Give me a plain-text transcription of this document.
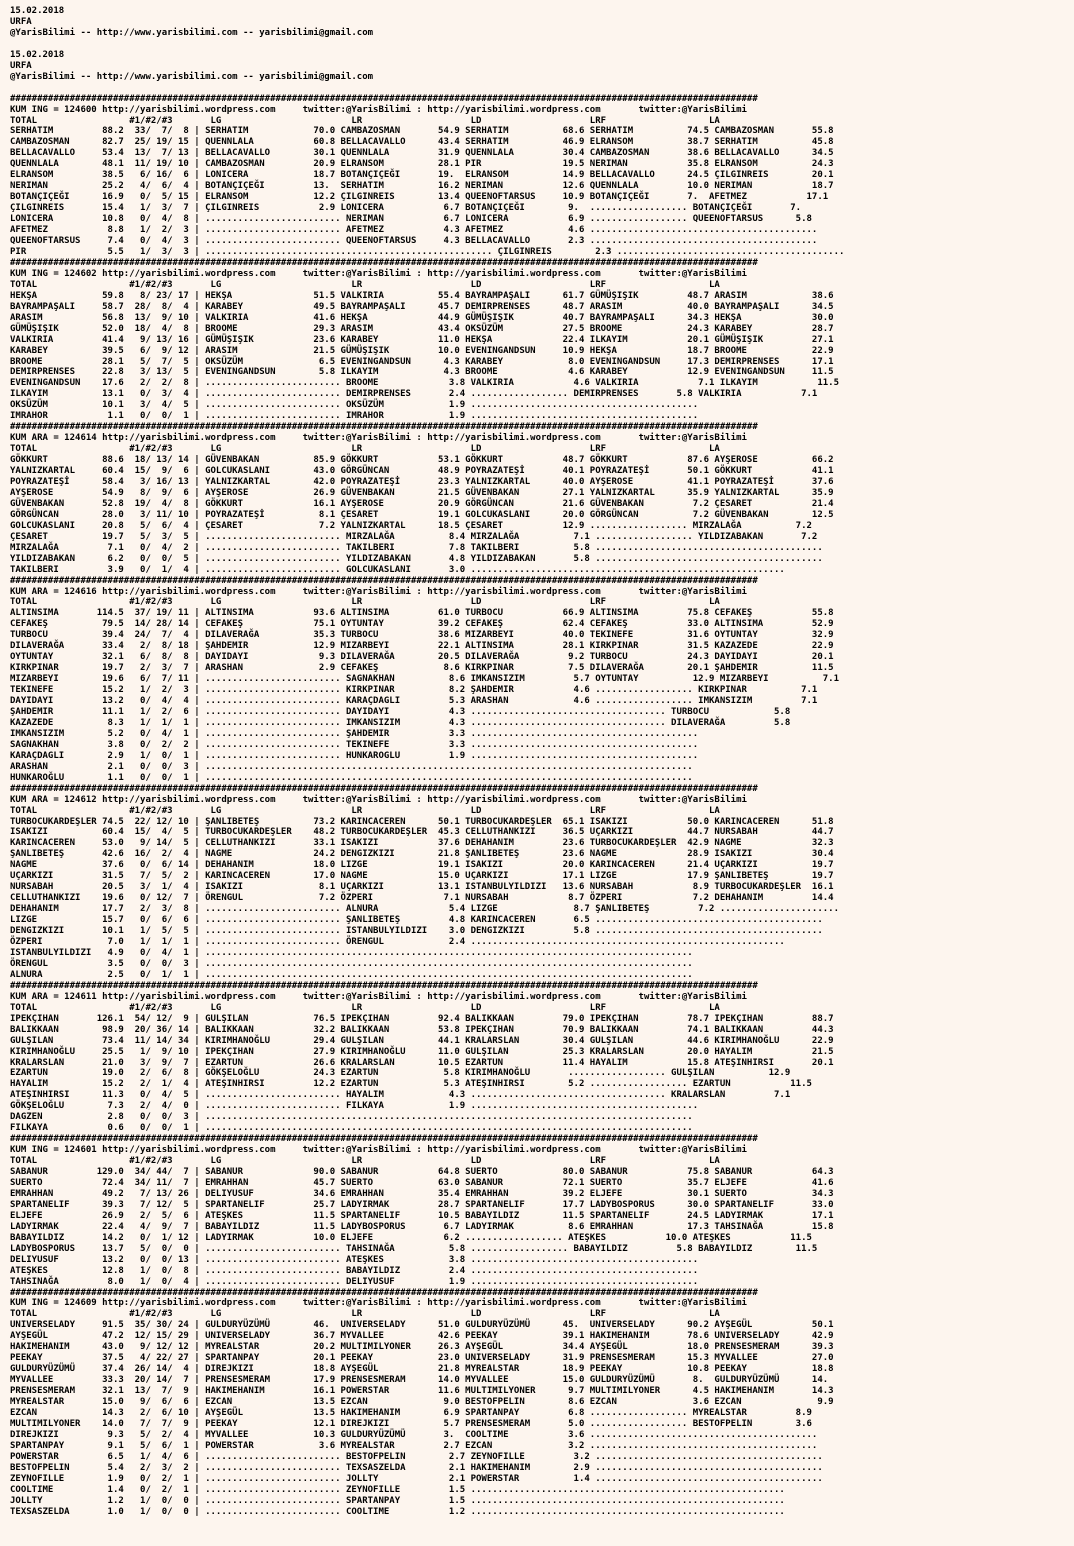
15.02.2018
URFA
@YarisBilimi -- http://www.yarisbilimi.com -- yarisbilimi@gmail.com

15.02.2018
URFA
@YarisBilimi -- http://www.yarisbilimi.com -- yarisbilimi@gmail.com

##########################################################################################################################################
KUM ING = 124600 http://yarisbilimi.wordpress.com     twitter:@YarisBilimi : http://yarisbilimi.wordpress.com       twitter:@YarisBilimi
TOTAL                 #1/#2/#3       LG                        LR                    LD                    LRF                   LA
SERHATIM         88.2  33/  7/  8 | SERHATIM            70.0 CAMBAZOSMAN       54.9 SERHATIM          68.6 SERHATIM          74.5 CAMBAZOSMAN       55.8
CAMBAZOSMAN      82.7  25/ 19/ 15 | QUENNLALA           60.8 BELLACAVALLO      43.4 SERHATIM          46.9 ELRANSOM          38.7 SERHATIM          45.8
BELLACAVALLO     53.4  13/  7/ 13 | BELLACAVALLO        30.1 QUENNLALA         31.9 QUENNLALA         30.4 CAMBAZOSMAN       38.6 BELLACAVALLO      34.5
QUENNLALA        48.1  11/ 19/ 10 | CAMBAZOSMAN         20.9 ELRANSOM          28.1 PIR               19.5 NERIMAN           35.8 ELRANSOM          24.3
ELRANSOM         38.5   6/ 16/  6 | LONICERA            18.7 BOTANÇIÇEĞI       19.  ELRANSOM          14.9 BELLACAVALLO      24.5 ÇILGINREIS        20.1
NERIMAN          25.2   4/  6/  4 | BOTANÇIÇEĞI         13.  SERHATIM          16.2 NERIMAN           12.6 QUENNLALA         10.0 NERIMAN           18.7
BOTANÇIÇEĞI      16.9   0/  5/ 15 | ELRANSOM            12.2 ÇILGINREIS        13.4 QUEENOFTARSUS     10.9 BOTANÇIÇEĞI       7.  AFETMEZ           17.1
ÇILGINREIS       15.4   1/  3/  7 | ÇILGINREIS           2.9 LONICERA           6.7 BOTANÇIÇEĞI        9.  .................. BOTANÇIÇEĞI       7.
LONICERA         10.8   0/  4/  8 | ......................... NERIMAN           6.7 LONICERA           6.9 .................. QUEENOFTARSUS      5.8
AFETMEZ           8.8   1/  2/  3 | ......................... AFETMEZ           4.3 AFETMEZ            4.6 ..........................................
QUEENOFTARSUS     7.4   0/  4/  3 | ......................... QUEENOFTARSUS     4.3 BELLACAVALLO       2.3 ..........................................
PIR               5.5   1/  3/  3 | ..................................................... ÇILGINREIS        2.3 ..........................................
##########################################################################################################################################
KUM ING = 124602 http://yarisbilimi.wordpress.com     twitter:@YarisBilimi : http://yarisbilimi.wordpress.com       twitter:@YarisBilimi
TOTAL                 #1/#2/#3       LG                        LR                    LD                    LRF                   LA
HEKŞA            59.8   8/ 23/ 17 | HEKŞA               51.5 VALKIRIA          55.4 BAYRAMPAŞALI      61.7 GÜMÜŞIŞIK         48.7 ARASIM            38.6
BAYRAMPAŞALI     58.7  28/  8/  4 | KARABEY             49.5 BAYRAMPAŞALI      45.7 DEMIRPRENSES      48.7 ARASIM            40.0 BAYRAMPAŞALI      34.5
ARASIM           56.8  13/  9/ 10 | VALKIRIA            41.6 HEKŞA             44.9 GÜMÜŞIŞIK         40.7 BAYRAMPAŞALI      34.3 HEKŞA             30.0
GÜMÜŞIŞIK        52.0  18/  4/  8 | BROOME              29.3 ARASIM            43.4 OKSÜZÜM           27.5 BROOME            24.3 KARABEY           28.7
VALKIRIA         41.4   9/ 13/ 16 | GÜMÜŞIŞIK           23.6 KARABEY           11.0 HEKŞA             22.4 ILKAYIM           20.1 GÜMÜŞIŞIK         27.1
KARABEY          39.5   6/  9/ 12 | ARASIM              21.5 GÜMÜŞIŞIK         10.0 EVENINGANDSUN     10.9 HEKŞA             18.7 BROOME            22.9
BROOME           28.1   5/  7/  5 | OKSÜZÜM              6.5 EVENINGANDSUN      4.3 KARABEY            8.0 EVENINGANDSUN     17.3 DEMIRPRENSES      17.1
DEMIRPRENSES     22.8   3/ 13/  5 | EVENINGANDSUN        5.8 ILKAYIM            4.3 BROOME             4.6 KARABEY           12.9 EVENINGANDSUN     11.5
EVENINGANDSUN    17.6   2/  2/  8 | ......................... BROOME             3.8 VALKIRIA           4.6 VALKIRIA           7.1 ILKAYIM           11.5
ILKAYIM          13.1   0/  3/  4 | ......................... DEMIRPRENSES       2.4 .................. DEMIRPRENSES       5.8 VALKIRIA           7.1
OKSÜZÜM          10.1   3/  4/  5 | ......................... OKSÜZÜM            1.9 ..........................................
IMRAHOR           1.1   0/  0/  1 | ......................... IMRAHOR            1.9 ..........................................
##########################################################################################################################################
KUM ARA = 124614 http://yarisbilimi.wordpress.com     twitter:@YarisBilimi : http://yarisbilimi.wordpress.com       twitter:@YarisBilimi
TOTAL                 #1/#2/#3       LG                        LR                    LD                    LRF                   LA
GÖKKURT          88.6  18/ 13/ 14 | GÜVENBAKAN          85.9 GÖKKURT           53.1 GÖKKURT           48.7 GÖKKURT           87.6 AYŞEROSE          66.2
YALNIZKARTAL     60.4  15/  9/  6 | GOLCUKASLANI        43.0 GÖRGÜNCAN         48.9 POYRAZATEŞİ       40.1 POYRAZATEŞİ       50.1 GÖKKURT           41.1
POYRAZATEŞİ      58.4   3/ 16/ 13 | YALNIZKARTAL        42.0 POYRAZATEŞİ       23.3 YALNIZKARTAL      40.0 AYŞEROSE          41.1 POYRAZATEŞİ       37.6
AYŞEROSE         54.9   8/  9/  6 | AYŞEROSE            26.9 GÜVENBAKAN        21.5 GÜVENBAKAN        27.1 YALNIZKARTAL      35.9 YALNIZKARTAL      35.9
GÜVENBAKAN       52.8  19/  4/  8 | GÖKKURT             16.1 AYŞEROSE          20.9 GÖRGÜNCAN         21.6 GÜVENBAKAN         7.2 ÇESARET           21.4
GÖRGÜNCAN        28.0   3/ 11/ 10 | POYRAZATEŞİ          8.1 ÇESARET           19.1 GOLCUKASLANI      20.0 GÖRGÜNCAN          7.2 GÜVENBAKAN        12.5
GOLCUKASLANI     20.8   5/  6/  4 | ÇESARET              7.2 YALNIZKARTAL      18.5 ÇESARET           12.9 .................. MIRZALAĞA          7.2
ÇESARET          19.7   5/  3/  5 | ......................... MIRZALAĞA          8.4 MIRZALAĞA          7.1 .................. YILDIZABAKAN       7.2
MIRZALAĞA         7.1   0/  4/  2 | ......................... TAKILBERI          7.8 TAKILBERI          5.8 ..........................................
YILDIZABAKAN      6.2   0/  0/  5 | ......................... YILDIZABAKAN       4.8 YILDIZABAKAN       5.8 ..........................................
TAKILBERI         3.9   0/  1/  4 | ......................... GOLCUKASLANI       3.0 ..........................................................
##########################################################################################################################################
KUM ARA = 124616 http://yarisbilimi.wordpress.com     twitter:@YarisBilimi : http://yarisbilimi.wordpress.com       twitter:@YarisBilimi
TOTAL                 #1/#2/#3       LG                        LR                    LD                    LRF                   LA
ALTINSIMA       114.5  37/ 19/ 11 | ALTINSIMA           93.6 ALTINSIMA         61.0 TURBOCU           66.9 ALTINSIMA         75.8 CEFAKEŞ           55.8
CEFAKEŞ          79.5  14/ 28/ 14 | CEFAKEŞ             75.1 OYTUNTAY          39.2 CEFAKEŞ           62.4 CEFAKEŞ           33.0 ALTINSIMA         52.9
TURBOCU          39.4  24/  7/  4 | DILAVERAĞA          35.3 TURBOCU           38.6 MIZARBEYI         40.0 TEKINEFE          31.6 OYTUNTAY          32.9
DILAVERAĞA       33.4   2/  8/ 18 | ŞAHDEMIR            12.9 MIZARBEYI         22.1 ALTINSIMA         28.1 KIRKPINAR         31.5 KAZAZEDE          22.9
OYTUNTAY         32.1   6/  8/  8 | DAYIDAYI             9.3 DILAVERAĞA        20.5 DILAVERAĞA         9.2 TURBOCU           24.3 DAYIDAYI          20.1
KIRKPINAR        19.7   2/  3/  7 | ARASHAN              2.9 CEFAKEŞ            8.6 KIRKPINAR          7.5 DILAVERAĞA        20.1 ŞAHDEMIR          11.5
MIZARBEYI        19.6   6/  7/ 11 | ......................... SAGNAKHAN          8.6 IMKANSIZIM         5.7 OYTUNTAY          12.9 MIZARBEYI          7.1
TEKINEFE         15.2   1/  2/  3 | ......................... KIRKPINAR          8.2 ŞAHDEMIR           4.6 .................. KIRKPINAR          7.1
DAYIDAYI         13.2   0/  4/  4 | ......................... KARAÇDAGLI         5.3 ARASHAN            4.6 .................. IMKANSIZIM         7.1
ŞAHDEMIR         11.1   1/  2/  6 | ......................... DAYIDAYI           4.3 .................................... TURBOCU            5.8
KAZAZEDE          8.3   1/  1/  1 | ......................... IMKANSIZIM         4.3 .................................... DILAVERAĞA         5.8
IMKANSIZIM        5.2   0/  4/  1 | ......................... ŞAHDEMIR           3.3 ..........................................
SAGNAKHAN         3.8   0/  2/  2 | ......................... TEKINEFE           3.3 ..........................................
KARAÇDAGLI        2.9   1/  0/  1 | ......................... HUNKAROGLU         1.9 ..........................................
ARASHAN           2.1   0/  0/  3 | ..........................................................................................
HUNKAROĞLU        1.1   0/  0/  1 | ..........................................................................................
##########################################################################################################################################
KUM ARA = 124612 http://yarisbilimi.wordpress.com     twitter:@YarisBilimi : http://yarisbilimi.wordpress.com       twitter:@YarisBilimi
TOTAL                 #1/#2/#3       LG                        LR                    LD                    LRF                   LA
TURBOCUKARDEŞLER 74.5  22/ 12/ 10 | ŞANLIBETEŞ          73.2 KARINCACEREN      50.1 TURBOCUKARDEŞLER  65.1 ISAKIZI           50.0 KARINCACEREN      51.8
ISAKIZI          60.4  15/  4/  5 | TURBOCUKARDEŞLER    48.2 TURBOCUKARDEŞLER  45.3 CELLUTHANKIZI     36.5 UÇARKIZI          44.7 NURSABAH          44.7
KARINCACEREN     53.0   9/ 14/  5 | CELLUTHANKIZI       33.1 ISAKIZI           37.6 DEHAHANIM         23.6 TURBOCUKARDEŞLER  42.9 NAGME             32.3
ŞANLIBETEŞ       42.6  16/  2/  4 | NAGME               24.2 DENGIZKIZI        21.8 ŞANLIBETEŞ        23.6 NAGME             28.9 ISAKIZI           30.4
NAGME            37.6   0/  6/ 14 | DEHAHANIM           18.0 LIZGE             19.1 ISAKIZI           20.0 KARINCACEREN      21.4 UÇARKIZI          19.7
UÇARKIZI         31.5   7/  5/  2 | KARINCACEREN        17.0 NAGME             15.0 UÇARKIZI          17.1 LIZGE             17.9 ŞANLIBETEŞ        19.7
NURSABAH         20.5   3/  1/  4 | ISAKIZI              8.1 UÇARKIZI          13.1 ISTANBULYILDIZI   13.6 NURSABAH           8.9 TURBOCUKARDEŞLER  16.1
CELLUTHANKIZI    19.6   0/ 12/  7 | ÖRENGUL              7.2 ÖZPERI             7.1 NURSABAH           8.7 ÖZPERI             7.2 DEHAHANIM         14.4
DEHAHANIM        17.7   2/  3/  8 | ......................... ALNURA             5.4 LIZGE              8.7 ŞANLIBETEŞ         7.2 ......................
LIZGE            15.7   0/  6/  6 | ......................... ŞANLIBETEŞ         4.8 KARINCACEREN       6.5 ..........................................
DENGIZKIZI       10.1   1/  5/  5 | ......................... ISTANBULYILDIZI    3.0 DENGIZKIZI         5.8 ..........................................
ÖZPERI            7.0   1/  1/  1 | ......................... ÖRENGUL            2.4 ..........................................................
ISTANBULYILDIZI   4.9   0/  4/  1 | ..........................................................................................
ÖRENGUL           3.5   0/  0/  3 | ..........................................................................................
ALNURA            2.5   0/  1/  1 | ..........................................................................................
##########################################################################################################################################
KUM ARA = 124611 http://yarisbilimi.wordpress.com     twitter:@YarisBilimi : http://yarisbilimi.wordpress.com       twitter:@YarisBilimi
TOTAL                 #1/#2/#3       LG                        LR                    LD                    LRF                   LA
IPEKÇIHAN       126.1  54/ 12/  9 | GULŞILAN            76.5 IPEKÇIHAN         92.4 BALIKKAAN         79.0 IPEKÇIHAN         78.7 IPEKÇIHAN         88.7
BALIKKAAN        98.9  20/ 36/ 14 | BALIKKAAN           32.2 BALIKKAAN         53.8 IPEKÇIHAN         70.9 BALIKKAAN         74.1 BALIKKAAN         44.3
GULŞILAN         73.4  11/ 14/ 34 | KIRIMHANOĞLU        29.4 GULŞILAN          44.1 KRALARSLAN        30.4 GULŞILAN          44.6 KIRIMHANOĞLU      22.9
KIRIMHANOĞLU     25.5   1/  9/ 10 | IPEKÇIHAN           27.9 KIRIMHANOĞLU      11.0 GULŞILAN          25.3 KRALARSLAN        20.0 HAYALIM           21.5
KRALARSLAN       21.0   3/  9/  7 | EZARTUN             26.6 KRALARSLAN        10.5 EZARTUN           11.4 HAYALIM           15.8 ATEŞINHIRSI       20.1
EZARTUN          19.0   2/  6/  8 | GÖKŞELOĞLU          24.3 EZARTUN            5.8 KIRIMHANOĞLU       .................. GULŞILAN          12.9
HAYALIM          15.2   2/  1/  4 | ATEŞINHIRSI         12.2 EZARTUN            5.3 ATEŞINHIRSI        5.2 .................. EZARTUN           11.5
ATEŞINHIRSI      11.3   0/  4/  5 | ......................... HAYALIM            4.3 .................................... KRALARSLAN         7.1
GÖKŞELOĞLU        7.3   2/  4/  0 | ......................... FILKAYA            1.9 ..........................................
DAGZEN            2.8   0/  0/  3 | ..........................................................................................
FILKAYA           0.6   0/  0/  1 | ..........................................................................................
##########################################################################################################################################
KUM ING = 124601 http://yarisbilimi.wordpress.com     twitter:@YarisBilimi : http://yarisbilimi.wordpress.com       twitter:@YarisBilimi
TOTAL                 #1/#2/#3       LG                        LR                    LD                    LRF                   LA
SABANUR         129.0  34/ 44/  7 | SABANUR             90.0 SABANUR           64.8 SUERTO            80.0 SABANUR           75.8 SABANUR           64.3
SUERTO           72.4  34/ 11/  7 | EMRAHHAN            45.7 SUERTO            63.0 SABANUR           72.1 SUERTO            35.7 ELJEFE            41.6
EMRAHHAN         49.2   7/ 13/ 26 | DELIYUSUF           34.6 EMRAHHAN          35.4 EMRAHHAN          39.2 ELJEFE            30.1 SUERTO            34.3
SPARTANELIF      39.3   7/ 12/  5 | SPARTANELIF         25.7 LADYIRMAK         28.7 SPARTANELIF       17.7 LADYBOSPORUS      30.0 SPARTANELIF       33.0
ELJEFE           26.9   2/  5/  6 | ATEŞKES             11.5 SPARTANELIF       10.5 BABAYILDIZ        11.5 SPARTANELIF       24.5 LADYIRMAK         17.1
LADYIRMAK        22.4   4/  9/  7 | BABAYILDIZ          11.5 LADYBOSPORUS       6.7 LADYIRMAK          8.6 EMRAHHAN          17.3 TAHSINAĞA         15.8
BABAYILDIZ       14.2   0/  1/ 12 | LADYIRMAK           10.0 ELJEFE             6.2 .................. ATEŞKES           10.0 ATEŞKES           11.5
LADYBOSPORUS     13.7   5/  0/  0 | ......................... TAHSINAĞA          5.8 .................. BABAYILDIZ         5.8 BABAYILDIZ        11.5
DELIYUSUF        13.2   0/  0/ 13 | ......................... ATEŞKES            3.8 ..........................................
ATEŞKES          12.8   1/  0/  8 | ......................... BABAYILDIZ         2.4 ..........................................
TAHSINAĞA         8.0   1/  0/  4 | ......................... DELIYUSUF          1.9 ..........................................
##########################################################################################################################################
KUM ING = 124609 http://yarisbilimi.wordpress.com     twitter:@YarisBilimi : http://yarisbilimi.wordpress.com       twitter:@YarisBilimi
TOTAL                 #1/#2/#3       LG                        LR                    LD                    LRF                   LA
UNIVERSELADY     91.5  35/ 30/ 24 | GULDURYÜZÜMÜ        46.  UNIVERSELADY      51.0 GULDURYÜZÜMÜ      45.  UNIVERSELADY      90.2 AYŞEGÜL           50.1
AYŞEGÜL          47.2  12/ 15/ 29 | UNIVERSELADY        36.7 MYVALLEE          42.6 PEEKAY            39.1 HAKIMEHANIM       78.6 UNIVERSELADY      42.9
HAKIMEHANIM      43.0   9/ 12/ 12 | MYREALSTAR          20.2 MULTIMILYONER     26.3 AYŞEGÜL           34.4 AYŞEGÜL           18.0 PRENSESMERAM      39.3
PEEKAY           37.5   4/ 22/ 27 | SPARTANPAY          20.1 PEEKAY            23.0 UNIVERSELADY      31.9 PRENSESMERAM      15.3 MYVALLEE          27.0
GULDURYÜZÜMÜ     37.4  26/ 14/  4 | DIREJKIZI           18.8 AYŞEGÜL           21.8 MYREALSTAR        18.9 PEEKAY            10.8 PEEKAY            18.8
MYVALLEE         33.3  20/ 14/  7 | PRENSESMERAM        17.9 PRENSESMERAM      14.0 MYVALLEE          15.0 GULDURYÜZÜMÜ       8.  GULDURYÜZÜMÜ      14.
PRENSESMERAM     32.1  13/  7/  9 | HAKIMEHANIM         16.1 POWERSTAR         11.6 MULTIMILYONER      9.7 MULTIMILYONER      4.5 HAKIMEHANIM       14.3
MYREALSTAR       15.0   9/  6/  6 | EZCAN               13.5 EZCAN              9.0 BESTOFPELIN        8.6 EZCAN              3.6 EZCAN              9.9
EZCAN            14.3   2/  6/ 10 | AYŞEGÜL             13.5 HAKIMEHANIM        6.9 SPARTANPAY         6.8 .................. MYREALSTAR         8.9
MULTIMILYONER    14.0   7/  7/  9 | PEEKAY              12.1 DIREJKIZI          5.7 PRENSESMERAM       5.0 .................. BESTOFPELIN        3.6
DIREJKIZI         9.3   5/  2/  4 | MYVALLEE            10.3 GULDURYÜZÜMÜ       3.  COOLTIME           3.6 ..........................................
SPARTANPAY        9.1   5/  6/  1 | POWERSTAR            3.6 MYREALSTAR         2.7 EZCAN              3.2 ..........................................
POWERSTAR         6.5   1/  4/  6 | ......................... BESTOFPELIN        2.7 ZEYNOFILLE         3.2 ..........................................
BESTOFPELIN       5.4   2/  3/  2 | ......................... TEXSASZELDA        2.1 HAKIMEHANIM        2.9 ..........................................
ZEYNOFILLE        1.9   0/  2/  1 | ......................... JOLLTY             2.1 POWERSTAR          1.4 ..........................................
COOLTIME          1.4   0/  2/  1 | ......................... ZEYNOFILLE         1.5 ..........................................................
JOLLTY            1.2   1/  0/  0 | ......................... SPARTANPAY         1.5 ..........................................................
TEXSASZELDA       1.0   1/  0/  0 | ......................... COOLTIME           1.2 ..........................................................
